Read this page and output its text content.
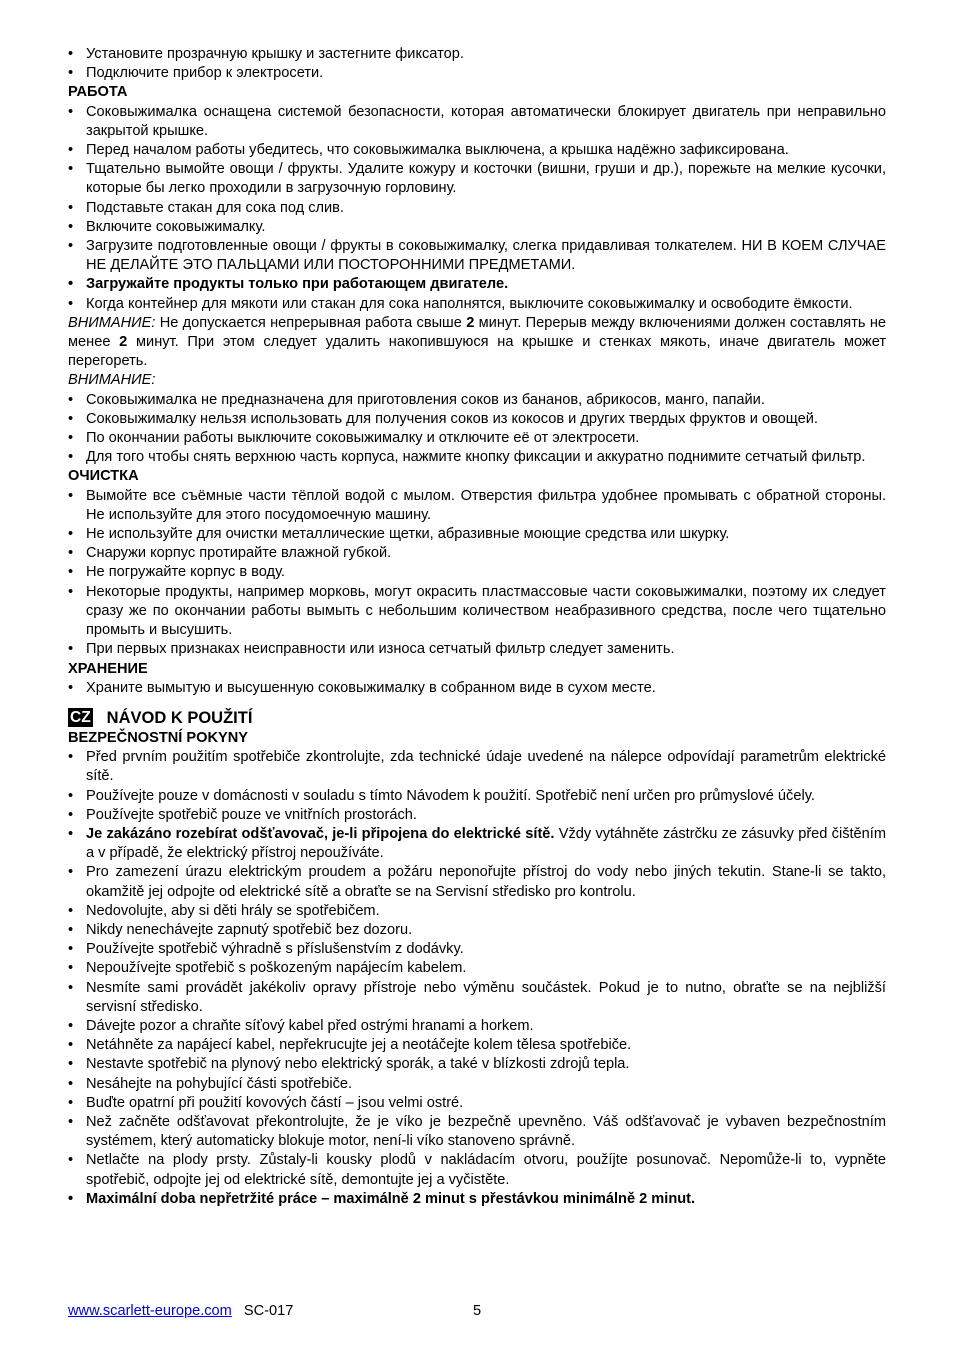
• Установите прозрачную крышку и застегните фиксатор.
• Подключите прибор к электросети.
РАБОТА
• Соковыжималка оснащена системой безопасности, которая автоматически блокирует двигатель при неправильно закрытой крышке.
• Перед началом работы убедитесь, что соковыжималка выключена, а крышка надёжно зафиксирована.
• Тщательно вымойте овощи / фрукты. Удалите кожуру и косточки (вишни, груши и др.), порежьте на мелкие кусочки, которые бы легко проходили в загрузочную горловину.
• Подставьте стакан для сока под слив.
• Включите соковыжималку.
• Загрузите подготовленные овощи / фрукты в соковыжималку, слегка придавливая толкателем. НИ В КОЕМ СЛУЧАЕ НЕ ДЕЛАЙТЕ ЭТО ПАЛЬЦАМИ ИЛИ ПОСТОРОННИМИ ПРЕДМЕТАМИ.
• Загружайте продукты только при работающем двигателе.
• Когда контейнер для мякоти или стакан для сока наполнятся, выключите соковыжималку и освободите ёмкости.
ВНИМАНИЕ: Не допускается непрерывная работа свыше 2 минут. Перерыв между включениями должен составлять не менее 2 минут. При этом следует удалить накопившуюся на крышке и стенках мякоть, иначе двигатель может перегореть.
ВНИМАНИЕ:
• Соковыжималка не предназначена для приготовления соков из бананов, абрикосов, манго, папайи.
• Соковыжималку нельзя использовать для получения соков из кокосов и других твердых фруктов и овощей.
• По окончании работы выключите соковыжималку и отключите её от электросети.
• Для того чтобы снять верхнюю часть корпуса, нажмите кнопку фиксации и аккуратно поднимите сетчатый фильтр.
ОЧИСТКА
• Вымойте все съёмные части тёплой водой с мылом. Отверстия фильтра удобнее промывать с обратной стороны. Не используйте для этого посудомоечную машину.
• Не используйте для очистки металлические щетки, абразивные моющие средства или шкурку.
• Снаружи корпус протирайте влажной губкой.
• Не погружайте корпус в воду.
• Некоторые продукты, например морковь, могут окрасить пластмассовые части соковыжималки, поэтому их следует сразу же по окончании работы вымыть с небольшим количеством неабразивного средства, после чего тщательно промыть и высушить.
• При первых признаках неисправности или износа сетчатый фильтр следует заменить.
ХРАНЕНИЕ
• Храните вымытую и высушенную соковыжималку в собранном виде в сухом месте.
CZ NÁVOD K POUŽITÍ
BEZPEČNOSTNÍ POKYNY
• Před prvním použitím spotřebiče zkontrolujte, zda technické údaje uvedené na nálepce odpovídají parametrům elektrické sítě.
• Používejte pouze v domácnosti v souladu s tímto Návodem k použití. Spotřebič není určen pro průmyslové účely.
• Používejte spotřebič pouze ve vnitřních prostorách.
• Je zakázáno rozebírat odšťavovač, je-li připojena do elektrické sítě. Vždy vytáhněte zástrčku ze zásuvky před čištěním a v případě, že elektrický přístroj nepoužíváte.
• Pro zamezení úrazu elektrickým proudem a požáru neponořujte přístroj do vody nebo jiných tekutin. Stane-li se takto, okamžitě jej odpojte od elektrické sítě a obraťte se na Servisní středisko pro kontrolu.
• Nedovolujte, aby si děti hrály se spotřebičem.
• Nikdy nenechávejte zapnutý spotřebič bez dozoru.
• Používejte spotřebič výhradně s příslušenstvím z dodávky.
• Nepoužívejte spotřebič s poškozeným napájecím kabelem.
• Nesmíte sami provádět jakékoliv opravy přístroje nebo výměnu součástek. Pokud je to nutno, obraťte se na nejbližší servisní středisko.
• Dávejte pozor a chraňte síťový kabel před ostrými hranami a horkem.
• Netáhněte za napájecí kabel, nepřekrucujte jej a neotáčejte kolem tělesa spotřebiče.
• Nestavte spotřebič na plynový nebo elektrický sporák, a také v blízkosti zdrojů tepla.
• Nesáhejte na pohybující části spotřebiče.
• Buďte opatrní při použití kovových částí – jsou velmi ostré.
• Než začněte odšťavovat překontrolujte, že je víko je bezpečně upevněno. Váš odšťavovač je vybaven bezpečnostním systémem, který automaticky blokuje motor, není-li víko stanoveno správně.
• Netlačte na plody prsty. Zůstaly-li kousky plodů v nakládacím otvoru, použíjte posunovač. Nepomůže-li to, vypněte spotřebič, odpojte jej od elektrické sítě, demontujte jej a vyčistěte.
• Maximální doba nepřetržité práce – maximálně 2 minut s přestávkou minimálně 2 minut.
www.scarlett-europe.com SC-017	5
